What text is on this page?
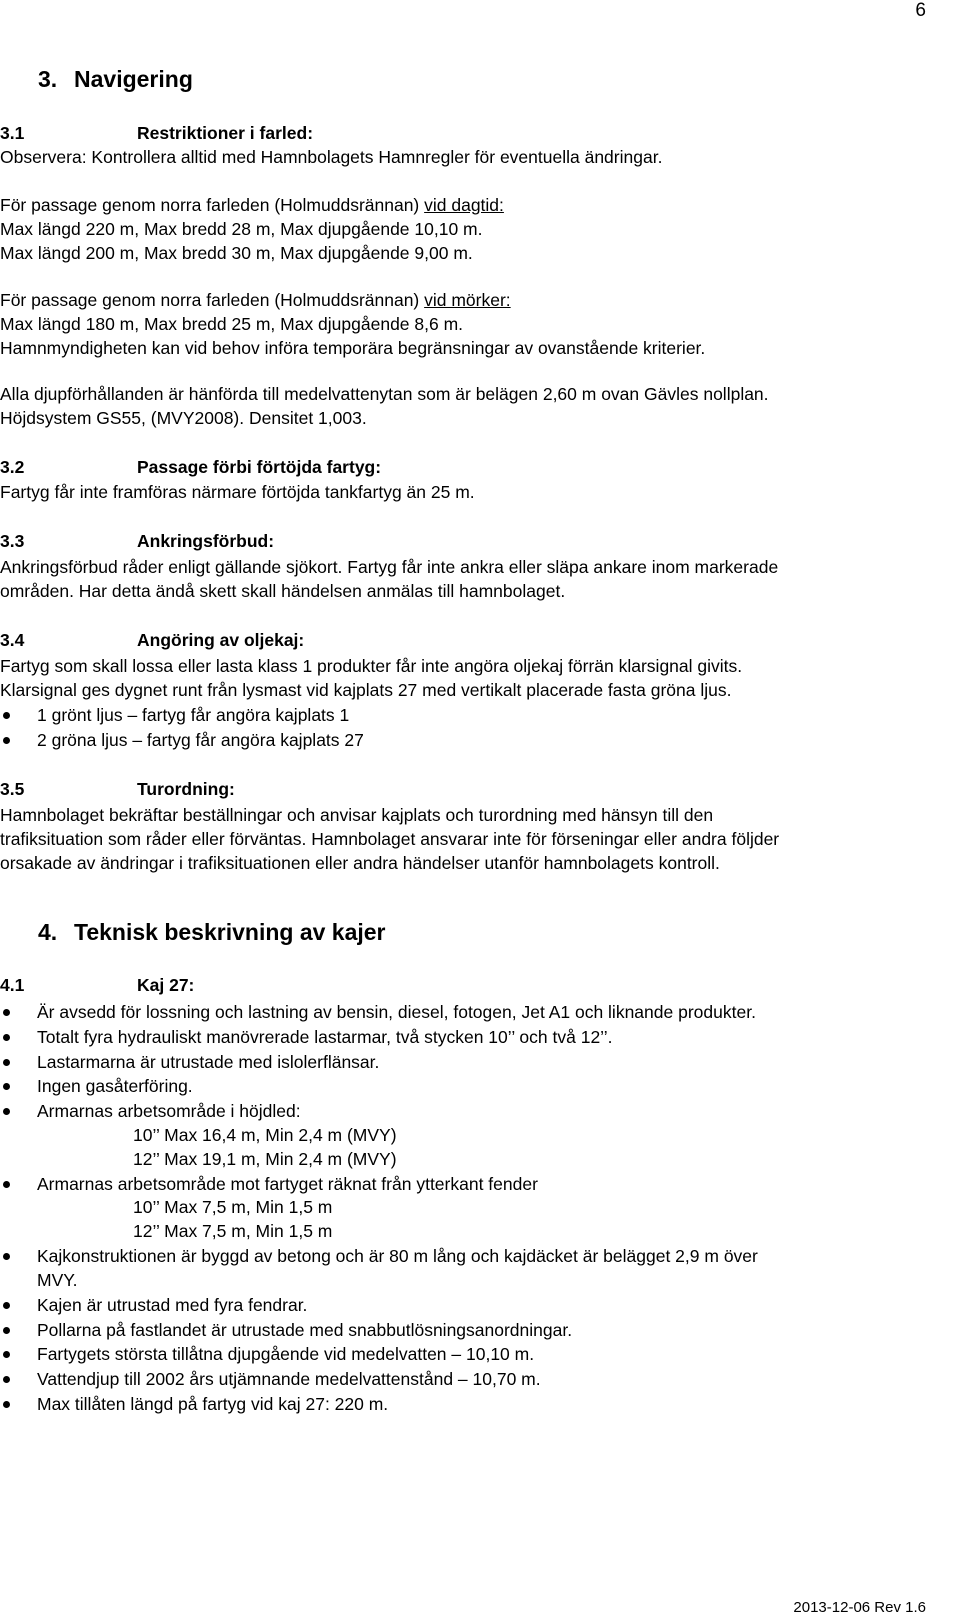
6
3. Navigering
3.1	Restriktioner i farled:
Observera: Kontrollera alltid med Hamnbolagets Hamnregler för eventuella ändringar.
För passage genom norra farleden (Holmuddsrännan) vid dagtid:
Max längd 220 m, Max bredd 28 m, Max djupgående 10,10 m.
Max längd 200 m, Max bredd 30 m, Max djupgående 9,00 m.
För passage genom norra farleden (Holmuddsrännan) vid mörker:
Max längd 180 m, Max bredd 25 m, Max djupgående 8,6 m.
Hamnmyndigheten kan vid behov införa temporära begränsningar av ovanstående kriterier.
Alla djupförhållanden är hänförda till medelvattenytan som är belägen 2,60 m ovan Gävles nollplan.
Höjdsystem GS55, (MVY2008). Densitet 1,003.
3.2	Passage förbi förtöjda fartyg:
Fartyg får inte framföras närmare förtöjda tankfartyg än 25 m.
3.3	Ankringsförbud:
Ankringsförbud råder enligt gällande sjökort. Fartyg får inte ankra eller släpa ankare inom markerade
områden. Har detta ändå skett skall händelsen anmälas till hamnbolaget.
3.4	Angöring av oljekaj:
Fartyg som skall lossa eller lasta klass 1 produkter får inte angöra oljekaj förrän klarsignal givits.
Klarsignal ges dygnet runt från lysmast vid kajplats 27 med vertikalt placerade fasta gröna ljus.
1 grönt ljus – fartyg får angöra kajplats 1
2 gröna ljus – fartyg får angöra kajplats 27
3.5	Turordning:
Hamnbolaget bekräftar beställningar och anvisar kajplats och turordning med hänsyn till den
trafiksituation som råder eller förväntas. Hamnbolaget ansvarar inte för förseningar eller andra följder
orsakade av ändringar i trafiksituationen eller andra händelser utanför hamnbolagets kontroll.
4. Teknisk beskrivning av kajer
4.1	Kaj 27:
Är avsedd för lossning och lastning av bensin, diesel, fotogen, Jet A1 och liknande produkter.
Totalt fyra hydrauliskt manövrerade lastarmar, två stycken 10’’ och två 12’’.
Lastarmarna är utrustade med islolerflänsar.
Ingen gasåterföring.
Armarnas arbetsområde i höjdled:
10’’ Max 16,4 m, Min 2,4 m (MVY)
12’’ Max 19,1 m, Min 2,4 m (MVY)
Armarnas arbetsområde mot fartyget räknat från ytterkant fender
10’’ Max 7,5 m, Min 1,5 m
12’’ Max 7,5 m, Min 1,5 m
Kajkonstruktionen är byggd av betong och är 80 m lång och kajdäcket är belägget 2,9 m över
MVY.
Kajen är utrustad med fyra fendrar.
Pollarna på fastlandet är utrustade med snabbutlösningsanordningar.
Fartygets största tillåtna djupgående vid medelvatten – 10,10 m.
Vattendjup till 2002 års utjämnande medelvattenstånd – 10,70 m.
Max tillåten längd på fartyg vid kaj 27: 220 m.
2013-12-06 Rev 1.6
